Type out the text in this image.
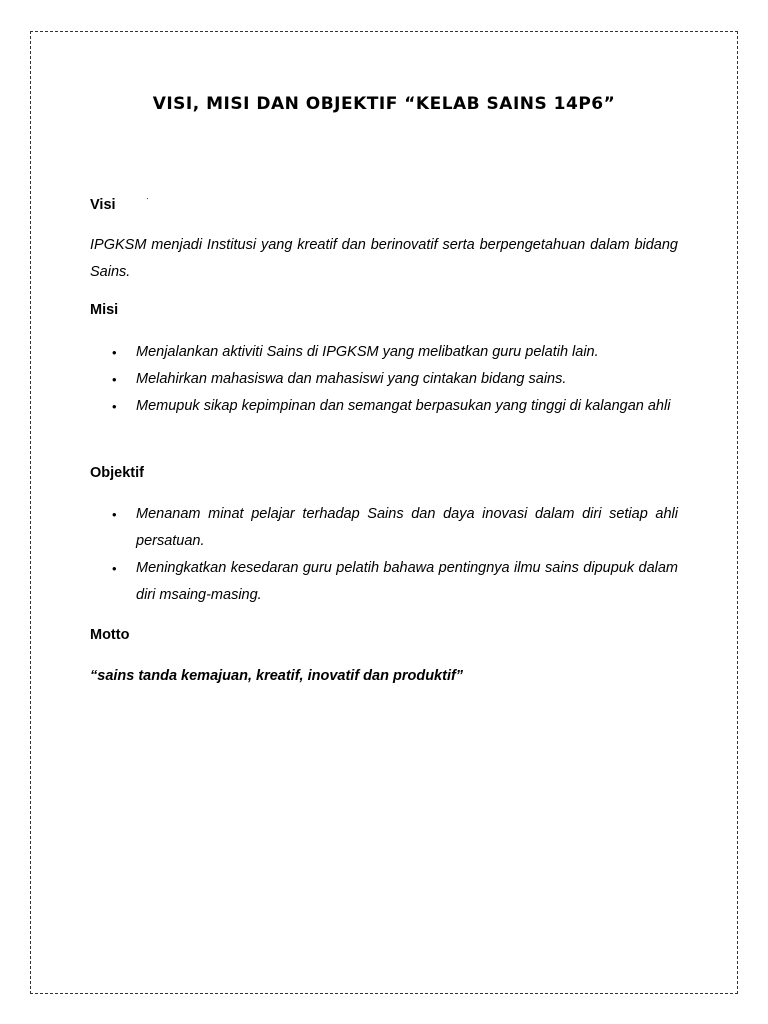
VISI, MISI DAN OBJEKTIF “KELAB SAINS 14P6”
Visi
IPGKSM menjadi Institusi yang kreatif dan berinovatif serta berpengetahuan dalam bidang Sains.
Misi
• Menjalankan aktiviti Sains di IPGKSM yang melibatkan guru pelatih lain.
• Melahirkan mahasiswa dan mahasiswi yang cintakan bidang sains.
• Memupuk sikap kepimpinan dan semangat berpasukan yang tinggi di kalangan ahli
Objektif
• Menanam minat pelajar terhadap Sains dan daya inovasi dalam diri setiap ahli persatuan.
• Meningkatkan kesedaran guru pelatih bahawa pentingnya ilmu sains dipupuk dalam diri msaing-masing.
Motto
“sains tanda kemajuan, kreatif, inovatif dan produktif”
